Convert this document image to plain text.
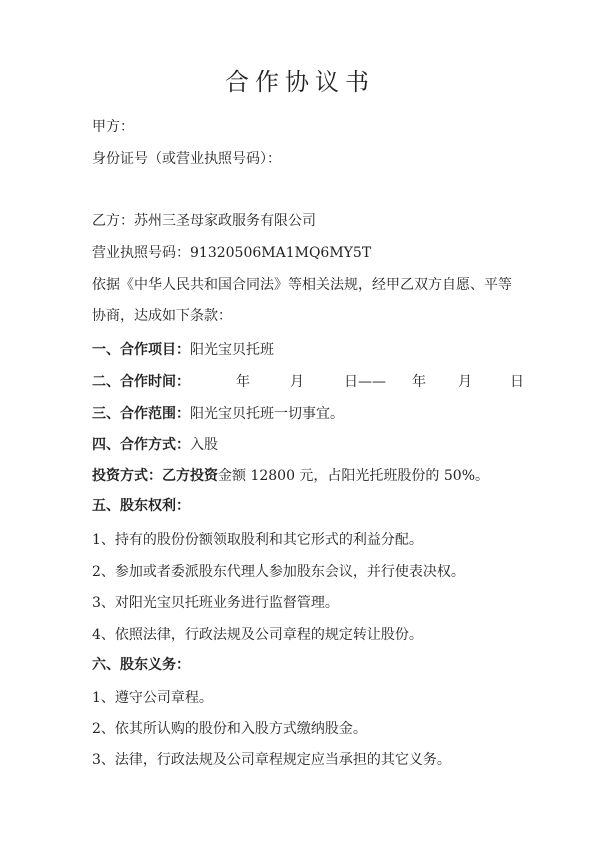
合作协议书
甲方：
身份证号（或营业执照号码）：
乙方：苏州三圣母家政服务有限公司
营业执照号码：91320506MA1MQ6MY5T
依据《中华人民共和国合同法》等相关法规，经甲乙双方自愿、平等
协商，达成如下条款：
一、合作项目：阳光宝贝托班
二、合作时间：	年	月	日—— 年 月	日
三、合作范围：阳光宝贝托班一切事宜。
四、合作方式：入股
投资方式：乙方投资金额 12800 元，占阳光托班股份的 50%。
五、股东权利：
1、持有的股份份额领取股利和其它形式的利益分配。
2、参加或者委派股东代理人参加股东会议，并行使表决权。
3、对阳光宝贝托班业务进行监督管理。
4、依照法律，行政法规及公司章程的规定转让股份。
六、股东义务：
1、遵守公司章程。
2、依其所认购的股份和入股方式缴纳股金。
3、法律，行政法规及公司章程规定应当承担的其它义务。
